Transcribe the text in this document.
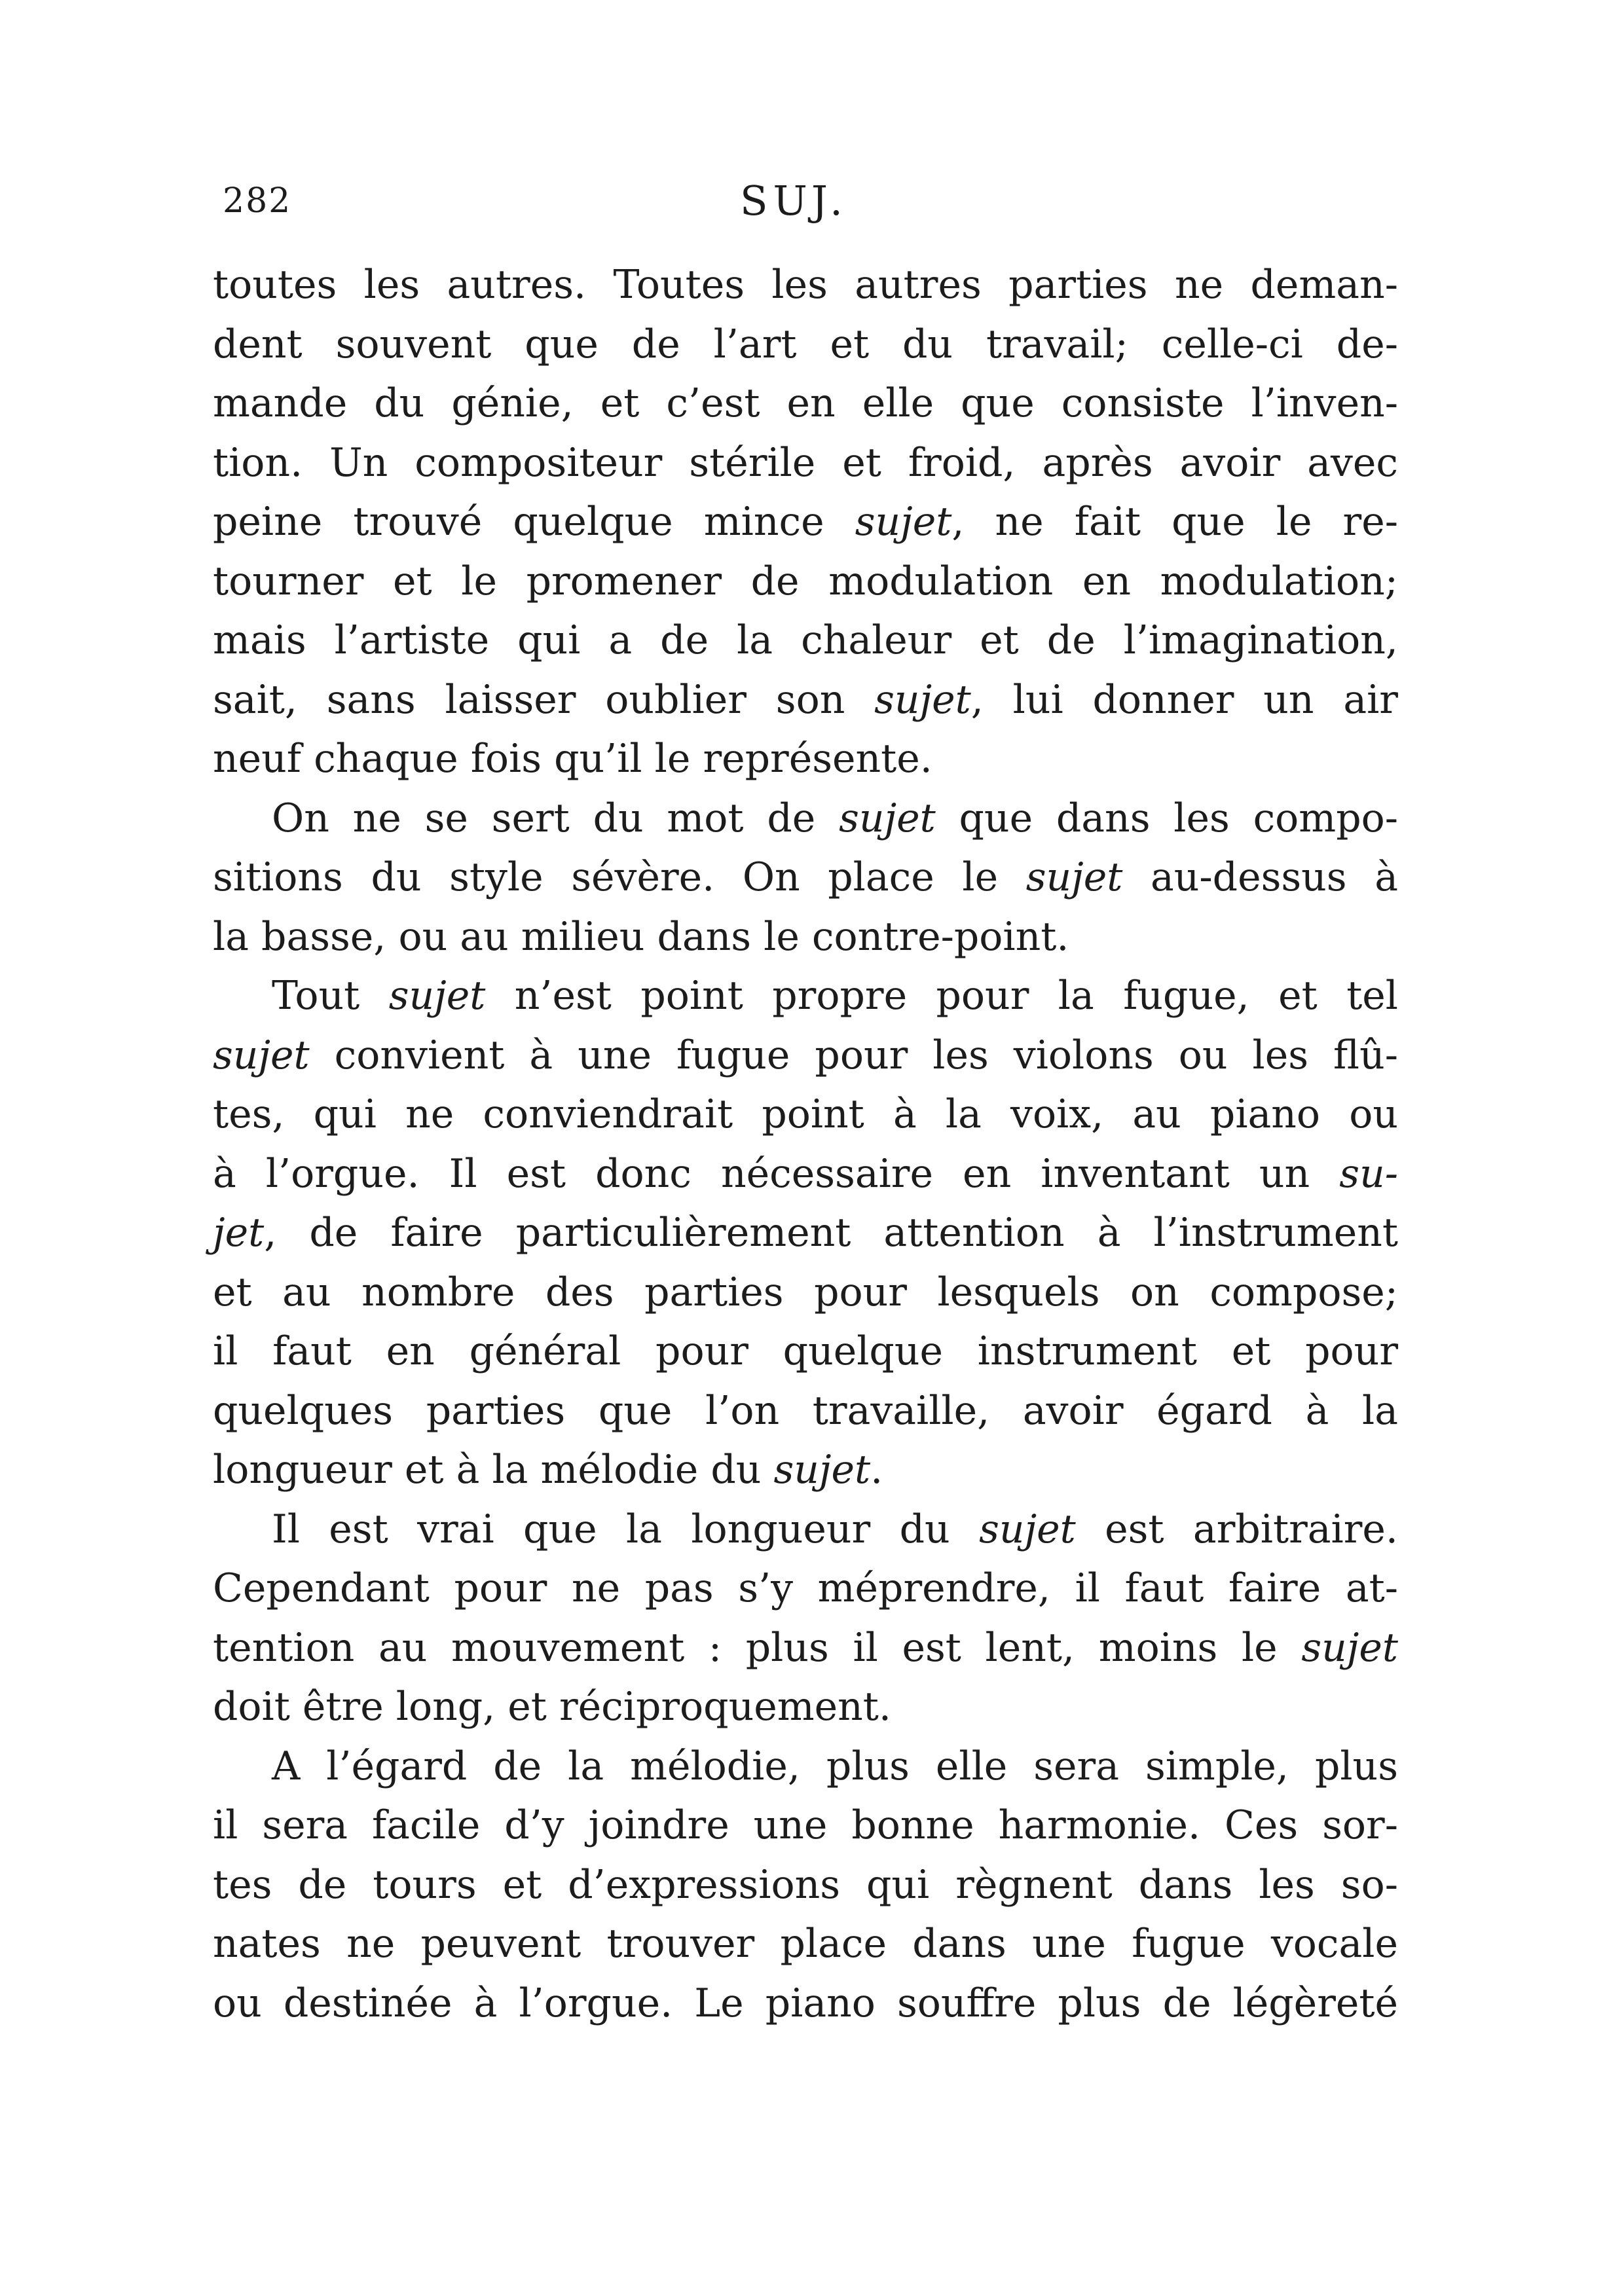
282	SUJ.
toutes les autres. Toutes les autres parties ne deman-
dent souvent que de l’art et du travail; celle-ci de-
mande du génie, et c’est en elle que consiste l’inven-
tion. Un compositeur stérile et froid, après avoir avec
peine trouvé quelque mince sujet, ne fait que le re-
tourner et le promener de modulation en modulation;
mais l’artiste qui a de la chaleur et de l’imagination,
sait, sans laisser oublier son sujet, lui donner un air
neuf chaque fois qu’il le représente.
On ne se sert du mot de sujet que dans les compo-
sitions du style sévère. On place le sujet au-dessus à
la basse, ou au milieu dans le contre-point.
Tout sujet n’est point propre pour la fugue, et tel
sujet convient à une fugue pour les violons ou les flû-
tes, qui ne conviendrait point à la voix, au piano ou
à l’orgue. Il est donc nécessaire en inventant un su-
jet, de faire particulièrement attention à l’instrument
et au nombre des parties pour lesquels on compose;
il faut en général pour quelque instrument et pour
quelques parties que l’on travaille, avoir égard à la
longueur et à la mélodie du sujet.
Il est vrai que la longueur du sujet est arbitraire.
Cependant pour ne pas s’y méprendre, il faut faire at-
tention au mouvement : plus il est lent, moins le sujet
doit être long, et réciproquement.
A l’égard de la mélodie, plus elle sera simple, plus
il sera facile d’y joindre une bonne harmonie. Ces sor-
tes de tours et d’expressions qui règnent dans les so-
nates ne peuvent trouver place dans une fugue vocale
ou destinée à l’orgue. Le piano souffre plus de légèreté
